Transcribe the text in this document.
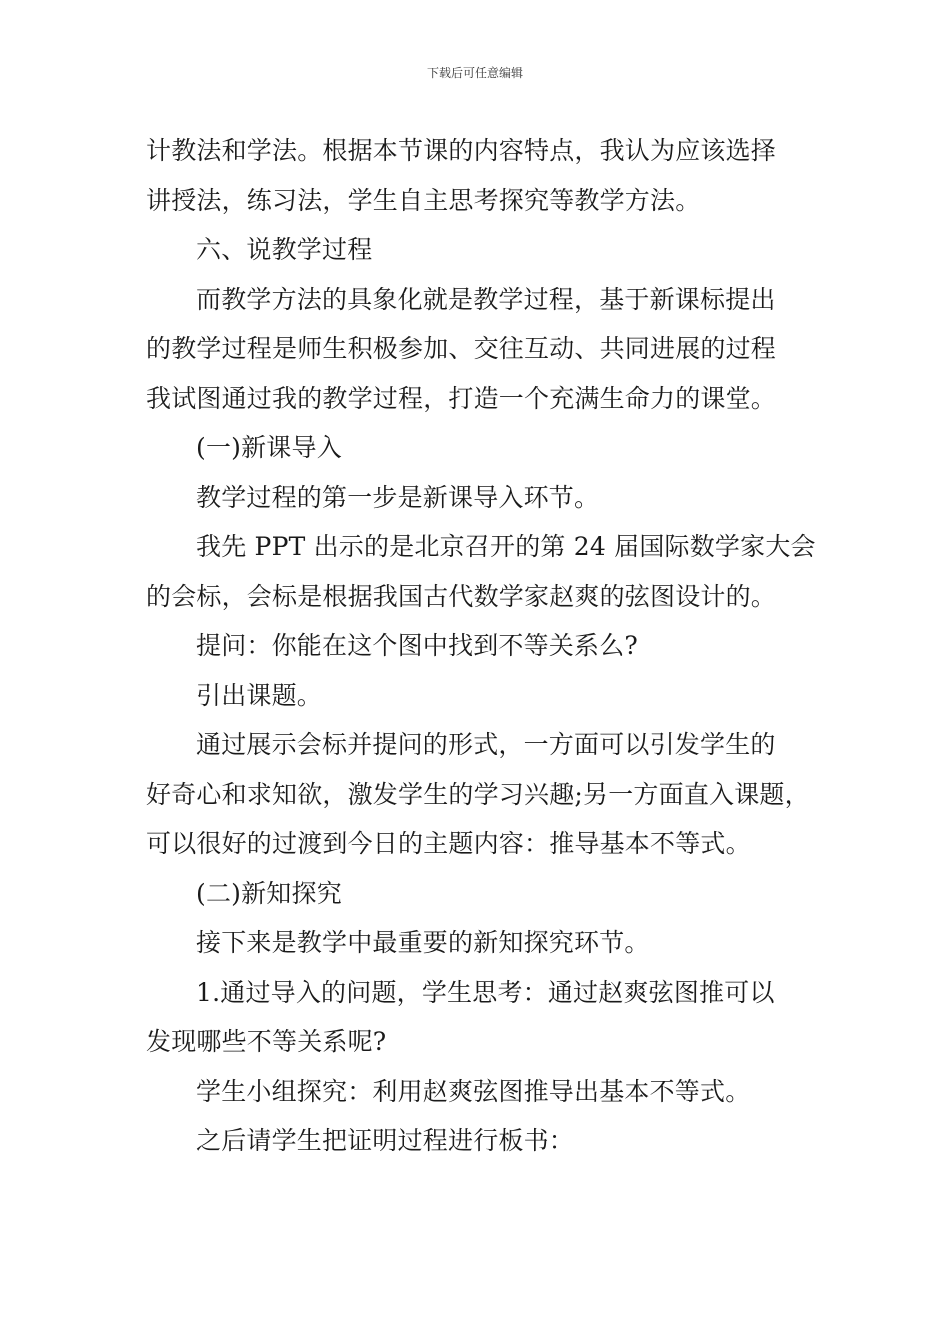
下载后可任意编辑
计教法和学法。根据本节课的内容特点，我认为应该选择
讲授法，练习法，学生自主思考探究等教学方法。
六、说教学过程
而教学方法的具象化就是教学过程，基于新课标提出
的教学过程是师生积极参加、交往互动、共同进展的过程
我试图通过我的教学过程，打造一个充满生命力的课堂。
(一)新课导入
教学过程的第一步是新课导入环节。
我先 PPT 出示的是北京召开的第 24 届国际数学家大会
的会标，会标是根据我国古代数学家赵爽的弦图设计的。
提问：你能在这个图中找到不等关系么?
引出课题。
通过展示会标并提问的形式，一方面可以引发学生的
好奇心和求知欲，激发学生的学习兴趣;另一方面直入课题，
可以很好的过渡到今日的主题内容：推导基本不等式。
(二)新知探究
接下来是教学中最重要的新知探究环节。
1.通过导入的问题，学生思考：通过赵爽弦图推可以
发现哪些不等关系呢?
学生小组探究：利用赵爽弦图推导出基本不等式。
之后请学生把证明过程进行板书：
